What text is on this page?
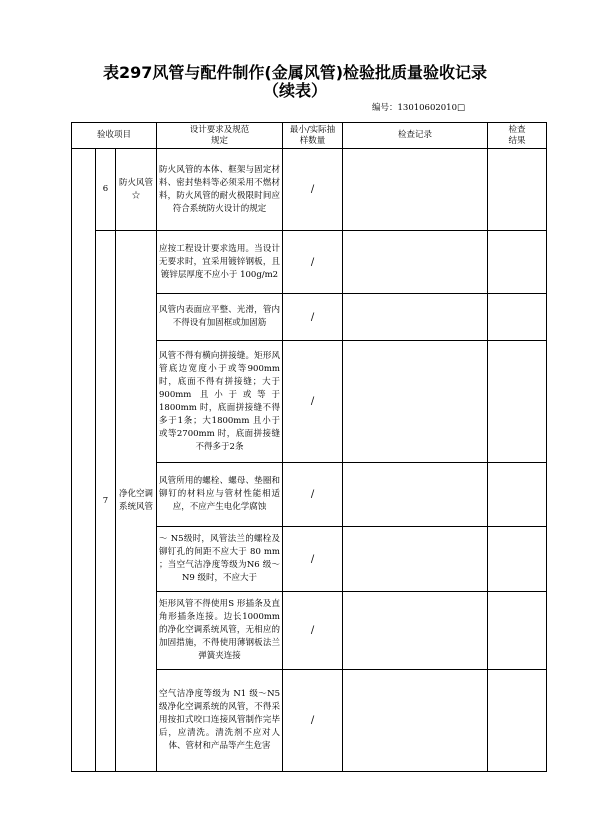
表297风管与配件制作(金属风管)检验批质量验收记录
（续表）
编号：13010602010□
验收项目			设计要求及规范规定	最小/实际抽样数量	检查记录	检查结果

	6	防火风管☆	防火风管的本体、框架与固定材料、密封垫料等必须采用不燃材料，防火风管的耐火极限时间应符合系统防火设计的规定	/		
	7	净化空调系统风管	应按工程设计要求选用。当设计无要求时，宜采用镀锌钢板，且镀锌层厚度不应小于 100g/m2	/		
			风管内表面应平整、光滑，管内不得设有加固框或加固筋	/		
			风管不得有横向拼接缝。矩形风管底边宽度小于或等900mm 时，底面不得有拼接缝；大于900mm 且小于或等于1800mm 时，底面拼接缝不得多于1条；大1800mm 且小于或等2700mm 时，底面拼接缝不得多于2条	/		
			风管所用的螺栓、螺母、垫圈和铆钉的材料应与管材性能相适应，不应产生电化学腐蚀	/		
			～ N5级时，风管法兰的螺栓及铆钉孔的间距不应大于 80 mm ；当空气洁净度等级为N6 级～N9 级时，不应大于	/		
			矩形风管不得使用S 形插条及直角形插条连接。边长1000mm 的净化空调系统风管，无相应的加固措施，不得使用薄钢板法兰弹簧夹连接	/		
			空气洁净度等级为 N1 级～N5级净化空调系统的风管，不得采用按扣式咬口连接风管制作完毕后，应清洗。清洗剂不应对人体、管材和产品等产生危害	/		
